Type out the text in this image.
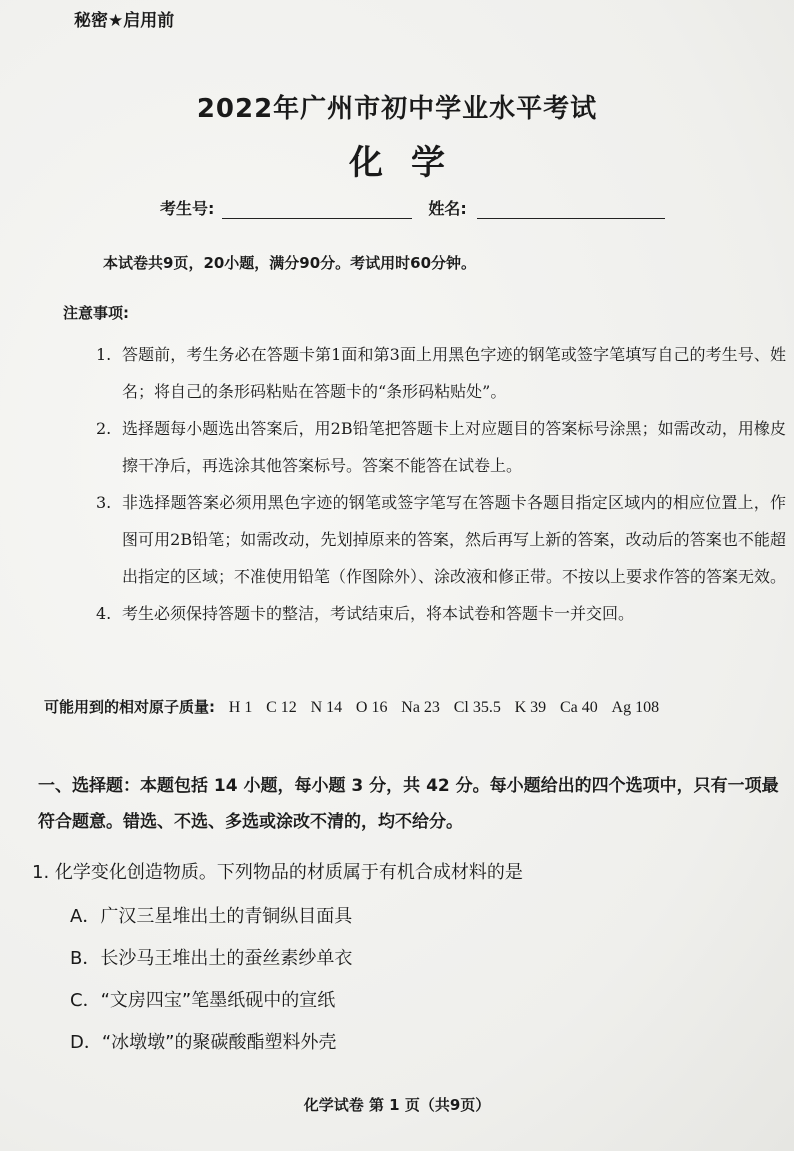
秘密★启用前
2022年广州市初中学业水平考试
化学
考生号:	姓名:
本试卷共9页，20小题，满分90分。考试用时60分钟。
注意事项:
1. 答题前，考生务必在答题卡第1面和第3面上用黑色字迹的钢笔或签字笔填写自己的考生号、姓名；将自己的条形码粘贴在答题卡的“条形码粘贴处”。
2. 选择题每小题选出答案后，用2B铅笔把答题卡上对应题目的答案标号涂黑；如需改动，用橡皮擦干净后，再选涂其他答案标号。答案不能答在试卷上。
3. 非选择题答案必须用黑色字迹的钢笔或签字笔写在答题卡各题目指定区域内的相应位置上，作图可用2B铅笔；如需改动，先划掉原来的答案，然后再写上新的答案，改动后的答案也不能超出指定的区域；不准使用铅笔（作图除外）、涂改液和修正带。不按以上要求作答的答案无效。
4. 考生必须保持答题卡的整洁，考试结束后，将本试卷和答题卡一并交回。
可能用到的相对原子质量: H 1 C 12 N 14 O 16 Na 23 Cl 35.5 K 39 Ca 40 Ag 108
一、选择题：本题包括 14 小题，每小题 3 分，共 42 分。每小题给出的四个选项中，只有一项最符合题意。错选、不选、多选或涂改不清的，均不给分。
1. 化学变化创造物质。下列物品的材质属于有机合成材料的是
A．广汉三星堆出土的青铜纵目面具
B．长沙马王堆出土的蚕丝素纱单衣
C．“文房四宝”笔墨纸砚中的宣纸
D．“冰墩墩”的聚碳酸酯塑料外壳
化学试卷 第 1 页（共9页）
